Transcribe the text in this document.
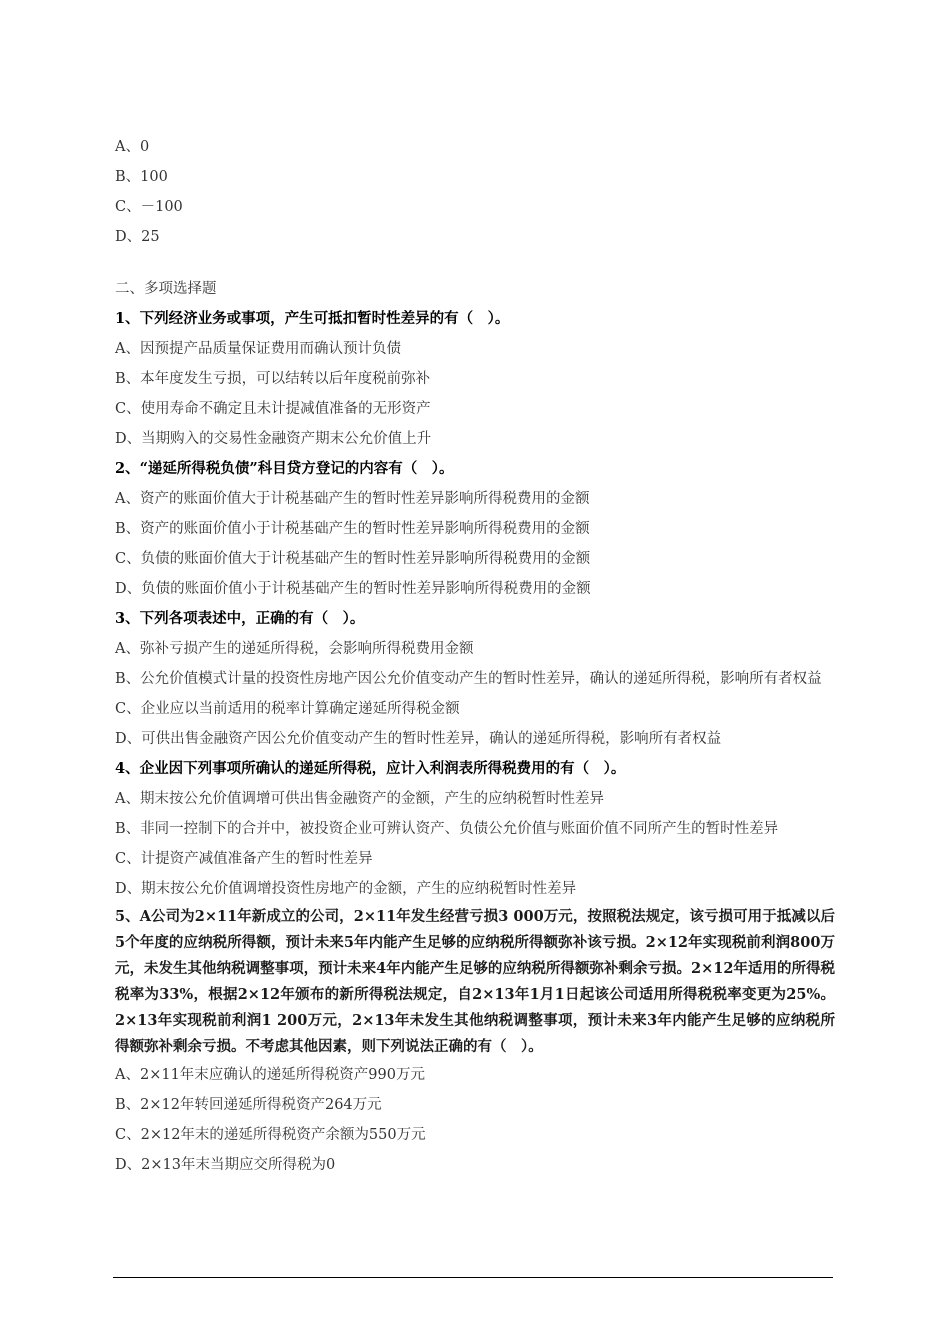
A、0
B、100
C、－100
D、25
二、多项选择题
1、下列经济业务或事项，产生可抵扣暂时性差异的有（　）。
A、因预提产品质量保证费用而确认预计负债
B、本年度发生亏损，可以结转以后年度税前弥补
C、使用寿命不确定且未计提减值准备的无形资产
D、当期购入的交易性金融资产期末公允价值上升
2、“递延所得税负债”科目贷方登记的内容有（　）。
A、资产的账面价值大于计税基础产生的暂时性差异影响所得税费用的金额
B、资产的账面价值小于计税基础产生的暂时性差异影响所得税费用的金额
C、负债的账面价值大于计税基础产生的暂时性差异影响所得税费用的金额
D、负债的账面价值小于计税基础产生的暂时性差异影响所得税费用的金额
3、下列各项表述中，正确的有（　）。
A、弥补亏损产生的递延所得税，会影响所得税费用金额
B、公允价值模式计量的投资性房地产因公允价值变动产生的暂时性差异，确认的递延所得税，影响所有者权益
C、企业应以当前适用的税率计算确定递延所得税金额
D、可供出售金融资产因公允价值变动产生的暂时性差异，确认的递延所得税，影响所有者权益
4、企业因下列事项所确认的递延所得税，应计入利润表所得税费用的有（　）。
A、期末按公允价值调增可供出售金融资产的金额，产生的应纳税暂时性差异
B、非同一控制下的合并中，被投资企业可辨认资产、负债公允价值与账面价值不同所产生的暂时性差异
C、计提资产减值准备产生的暂时性差异
D、期末按公允价值调增投资性房地产的金额，产生的应纳税暂时性差异
5、A公司为2×11年新成立的公司，2×11年发生经营亏损3 000万元，按照税法规定，该亏损可用于抵减以后5个年度的应纳税所得额，预计未来5年内能产生足够的应纳税所得额弥补该亏损。2×12年实现税前利润800万元，未发生其他纳税调整事项，预计未来4年内能产生足够的应纳税所得额弥补剩余亏损。2×12年适用的所得税税率为33%，根据2×12年颁布的新所得税法规定，自2×13年1月1日起该公司适用所得税税率变更为25%。2×13年实现税前利润1 200万元，2×13年未发生其他纳税调整事项，预计未来3年内能产生足够的应纳税所得额弥补剩余亏损。不考虑其他因素，则下列说法正确的有（　）。
A、2×11年末应确认的递延所得税资产990万元
B、2×12年转回递延所得税资产264万元
C、2×12年末的递延所得税资产余额为550万元
D、2×13年末当期应交所得税为0
